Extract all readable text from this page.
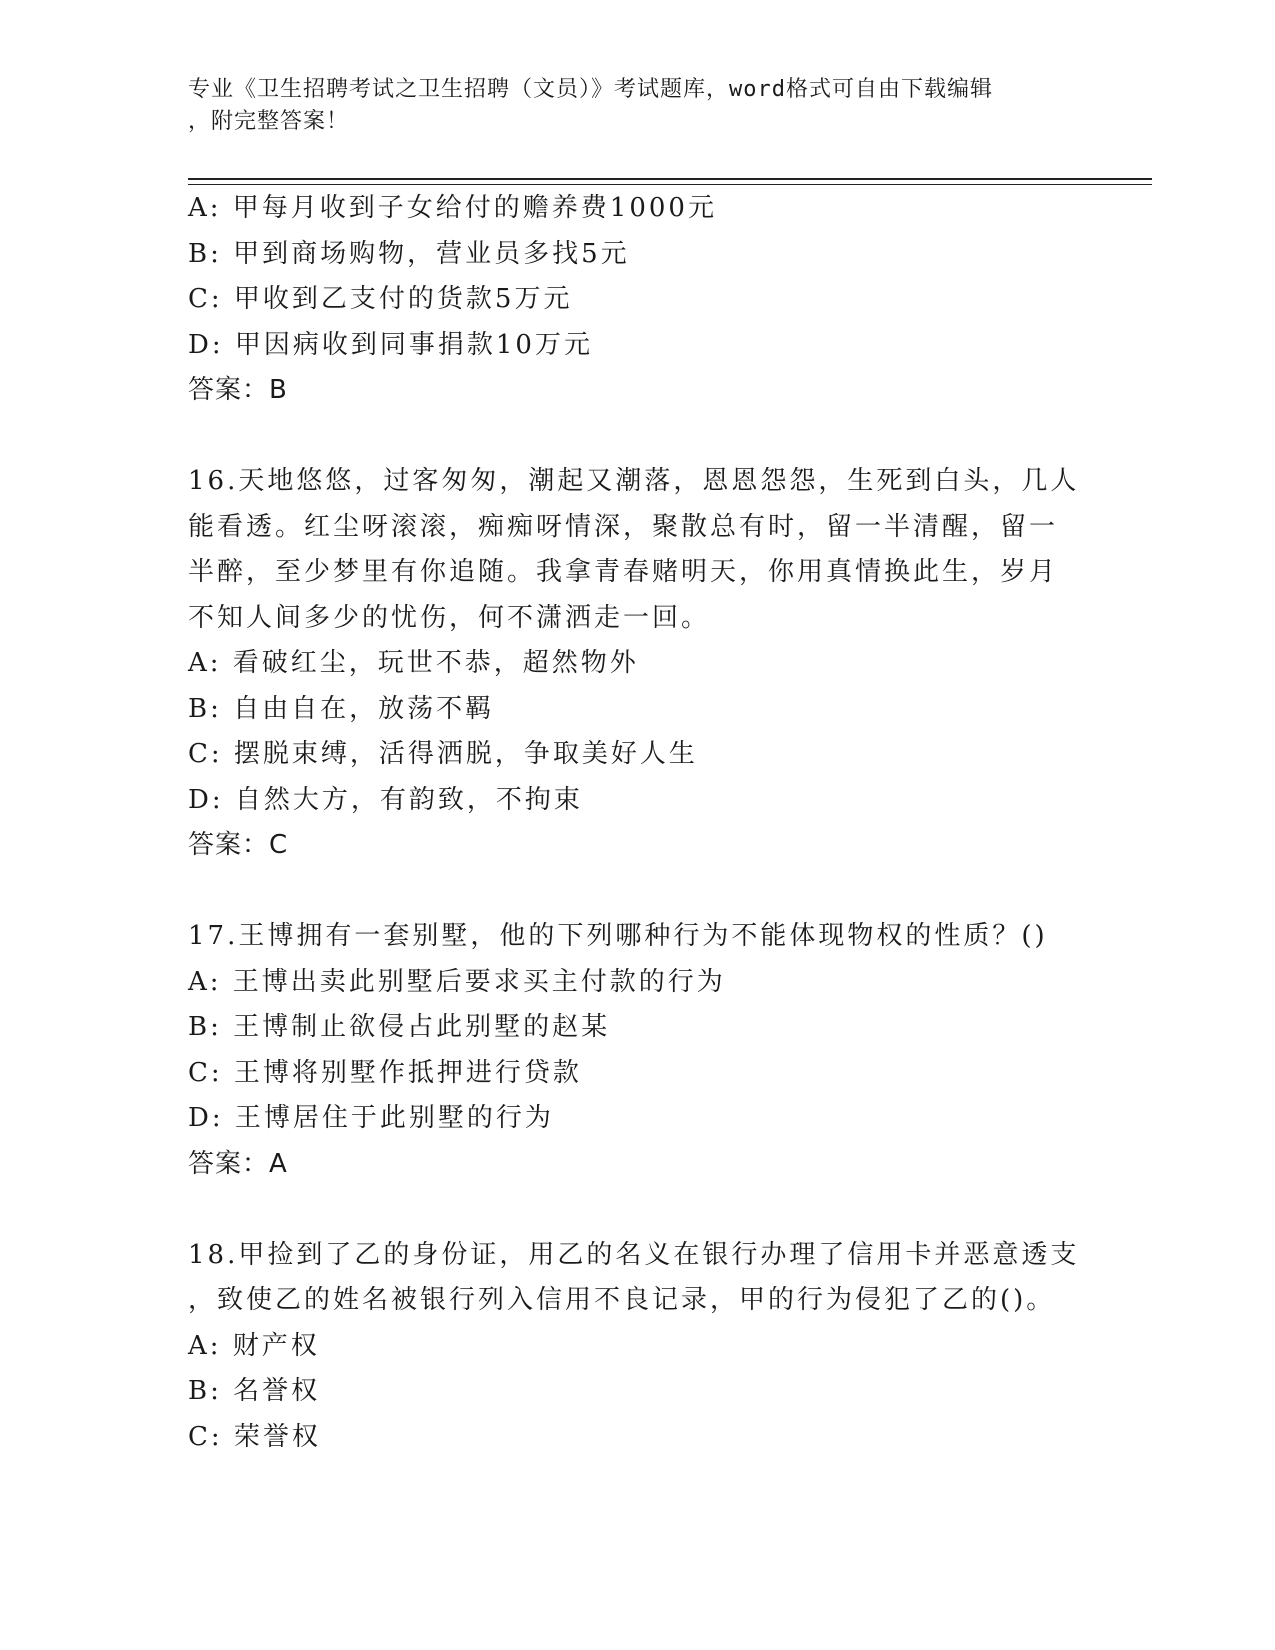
专业《卫生招聘考试之卫生招聘（文员）》考试题库，word格式可自由下载编辑
，附完整答案！
A: 甲每月收到子女给付的赡养费1000元
B: 甲到商场购物，营业员多找5元
C: 甲收到乙支付的货款5万元
D: 甲因病收到同事捐款10万元
答案：B
16.天地悠悠，过客匆匆，潮起又潮落，恩恩怨怨，生死到白头，几人
能看透。红尘呀滚滚，痴痴呀情深，聚散总有时，留一半清醒，留一
半醉，至少梦里有你追随。我拿青春赌明天，你用真情换此生，岁月
不知人间多少的忧伤，何不潇洒走一回。
A: 看破红尘，玩世不恭，超然物外
B: 自由自在，放荡不羁
C: 摆脱束缚，活得洒脱，争取美好人生
D: 自然大方，有韵致，不拘束
答案：C
17.王博拥有一套别墅，他的下列哪种行为不能体现物权的性质？()
A: 王博出卖此别墅后要求买主付款的行为
B: 王博制止欲侵占此别墅的赵某
C: 王博将别墅作抵押进行贷款
D: 王博居住于此别墅的行为
答案：A
18.甲捡到了乙的身份证，用乙的名义在银行办理了信用卡并恶意透支
，致使乙的姓名被银行列入信用不良记录，甲的行为侵犯了乙的()。
A: 财产权
B: 名誉权
C: 荣誉权
